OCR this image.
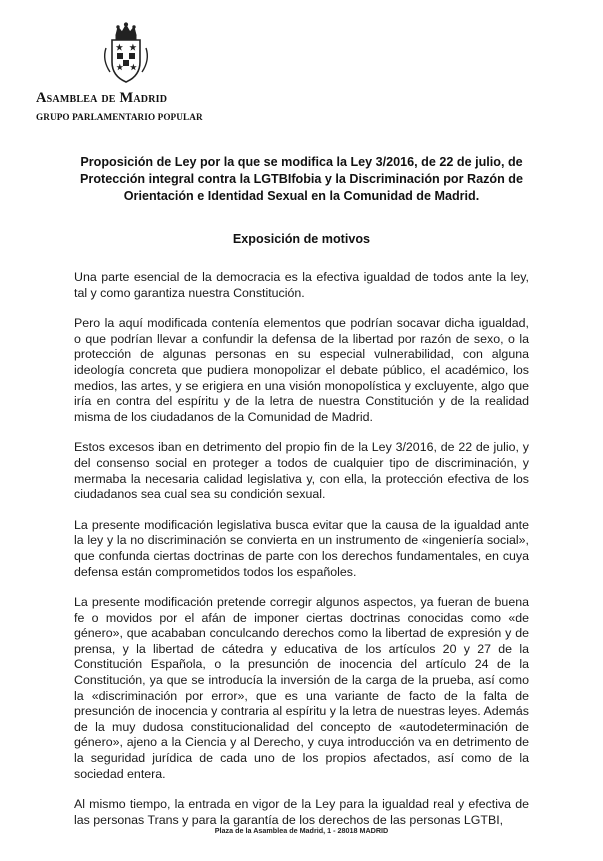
Asamblea de Madrid
GRUPO PARLAMENTARIO POPULAR
Proposición de Ley por la que se modifica la Ley 3/2016, de 22 de julio, de Protección integral contra la LGTBIfobia y la Discriminación por Razón de Orientación e Identidad Sexual en la Comunidad de Madrid.
Exposición de motivos

Una parte esencial de la democracia es la efectiva igualdad de todos ante la ley, tal y como garantiza nuestra Constitución.

Pero la aquí modificada contenía elementos que podrían socavar dicha igualdad, o que podrían llevar a confundir la defensa de la libertad por razón de sexo, o la protección de algunas personas en su especial vulnerabilidad, con alguna ideología concreta que pudiera monopolizar el debate público, el académico, los medios, las artes, y se erigiera en una visión monopolística y excluyente, algo que iría en contra del espíritu y de la letra de nuestra Constitución y de la realidad misma de los ciudadanos de la Comunidad de Madrid.

Estos excesos iban en detrimento del propio fin de la Ley 3/2016, de 22 de julio, y del consenso social en proteger a todos de cualquier tipo de discriminación, y mermaba la necesaria calidad legislativa y, con ella, la protección efectiva de los ciudadanos sea cual sea su condición sexual.

La presente modificación legislativa busca evitar que la causa de la igualdad ante la ley y la no discriminación se convierta en un instrumento de «ingeniería social», que confunda ciertas doctrinas de parte con los derechos fundamentales, en cuya defensa están comprometidos todos los españoles.

La presente modificación pretende corregir algunos aspectos, ya fueran de buena fe o movidos por el afán de imponer ciertas doctrinas conocidas como «de género», que acababan conculcando derechos como la libertad de expresión y de prensa, y la libertad de cátedra y educativa de los artículos 20 y 27 de la Constitución Española, o la presunción de inocencia del artículo 24 de la Constitución, ya que se introducía la inversión de la carga de la prueba, así como la «discriminación por error», que es una variante de facto de la falta de presunción de inocencia y contraria al espíritu y la letra de nuestras leyes. Además de la muy dudosa constitucionalidad del concepto de «autodeterminación de género», ajeno a la Ciencia y al Derecho, y cuya introducción va en detrimento de la seguridad jurídica de cada uno de los propios afectados, así como de la sociedad entera.

Al mismo tiempo, la entrada en vigor de la Ley para la igualdad real y efectiva de las personas Trans y para la garantía de los derechos de las personas LGTBI,

Plaza de la Asamblea de Madrid, 1 - 28018 MADRID
